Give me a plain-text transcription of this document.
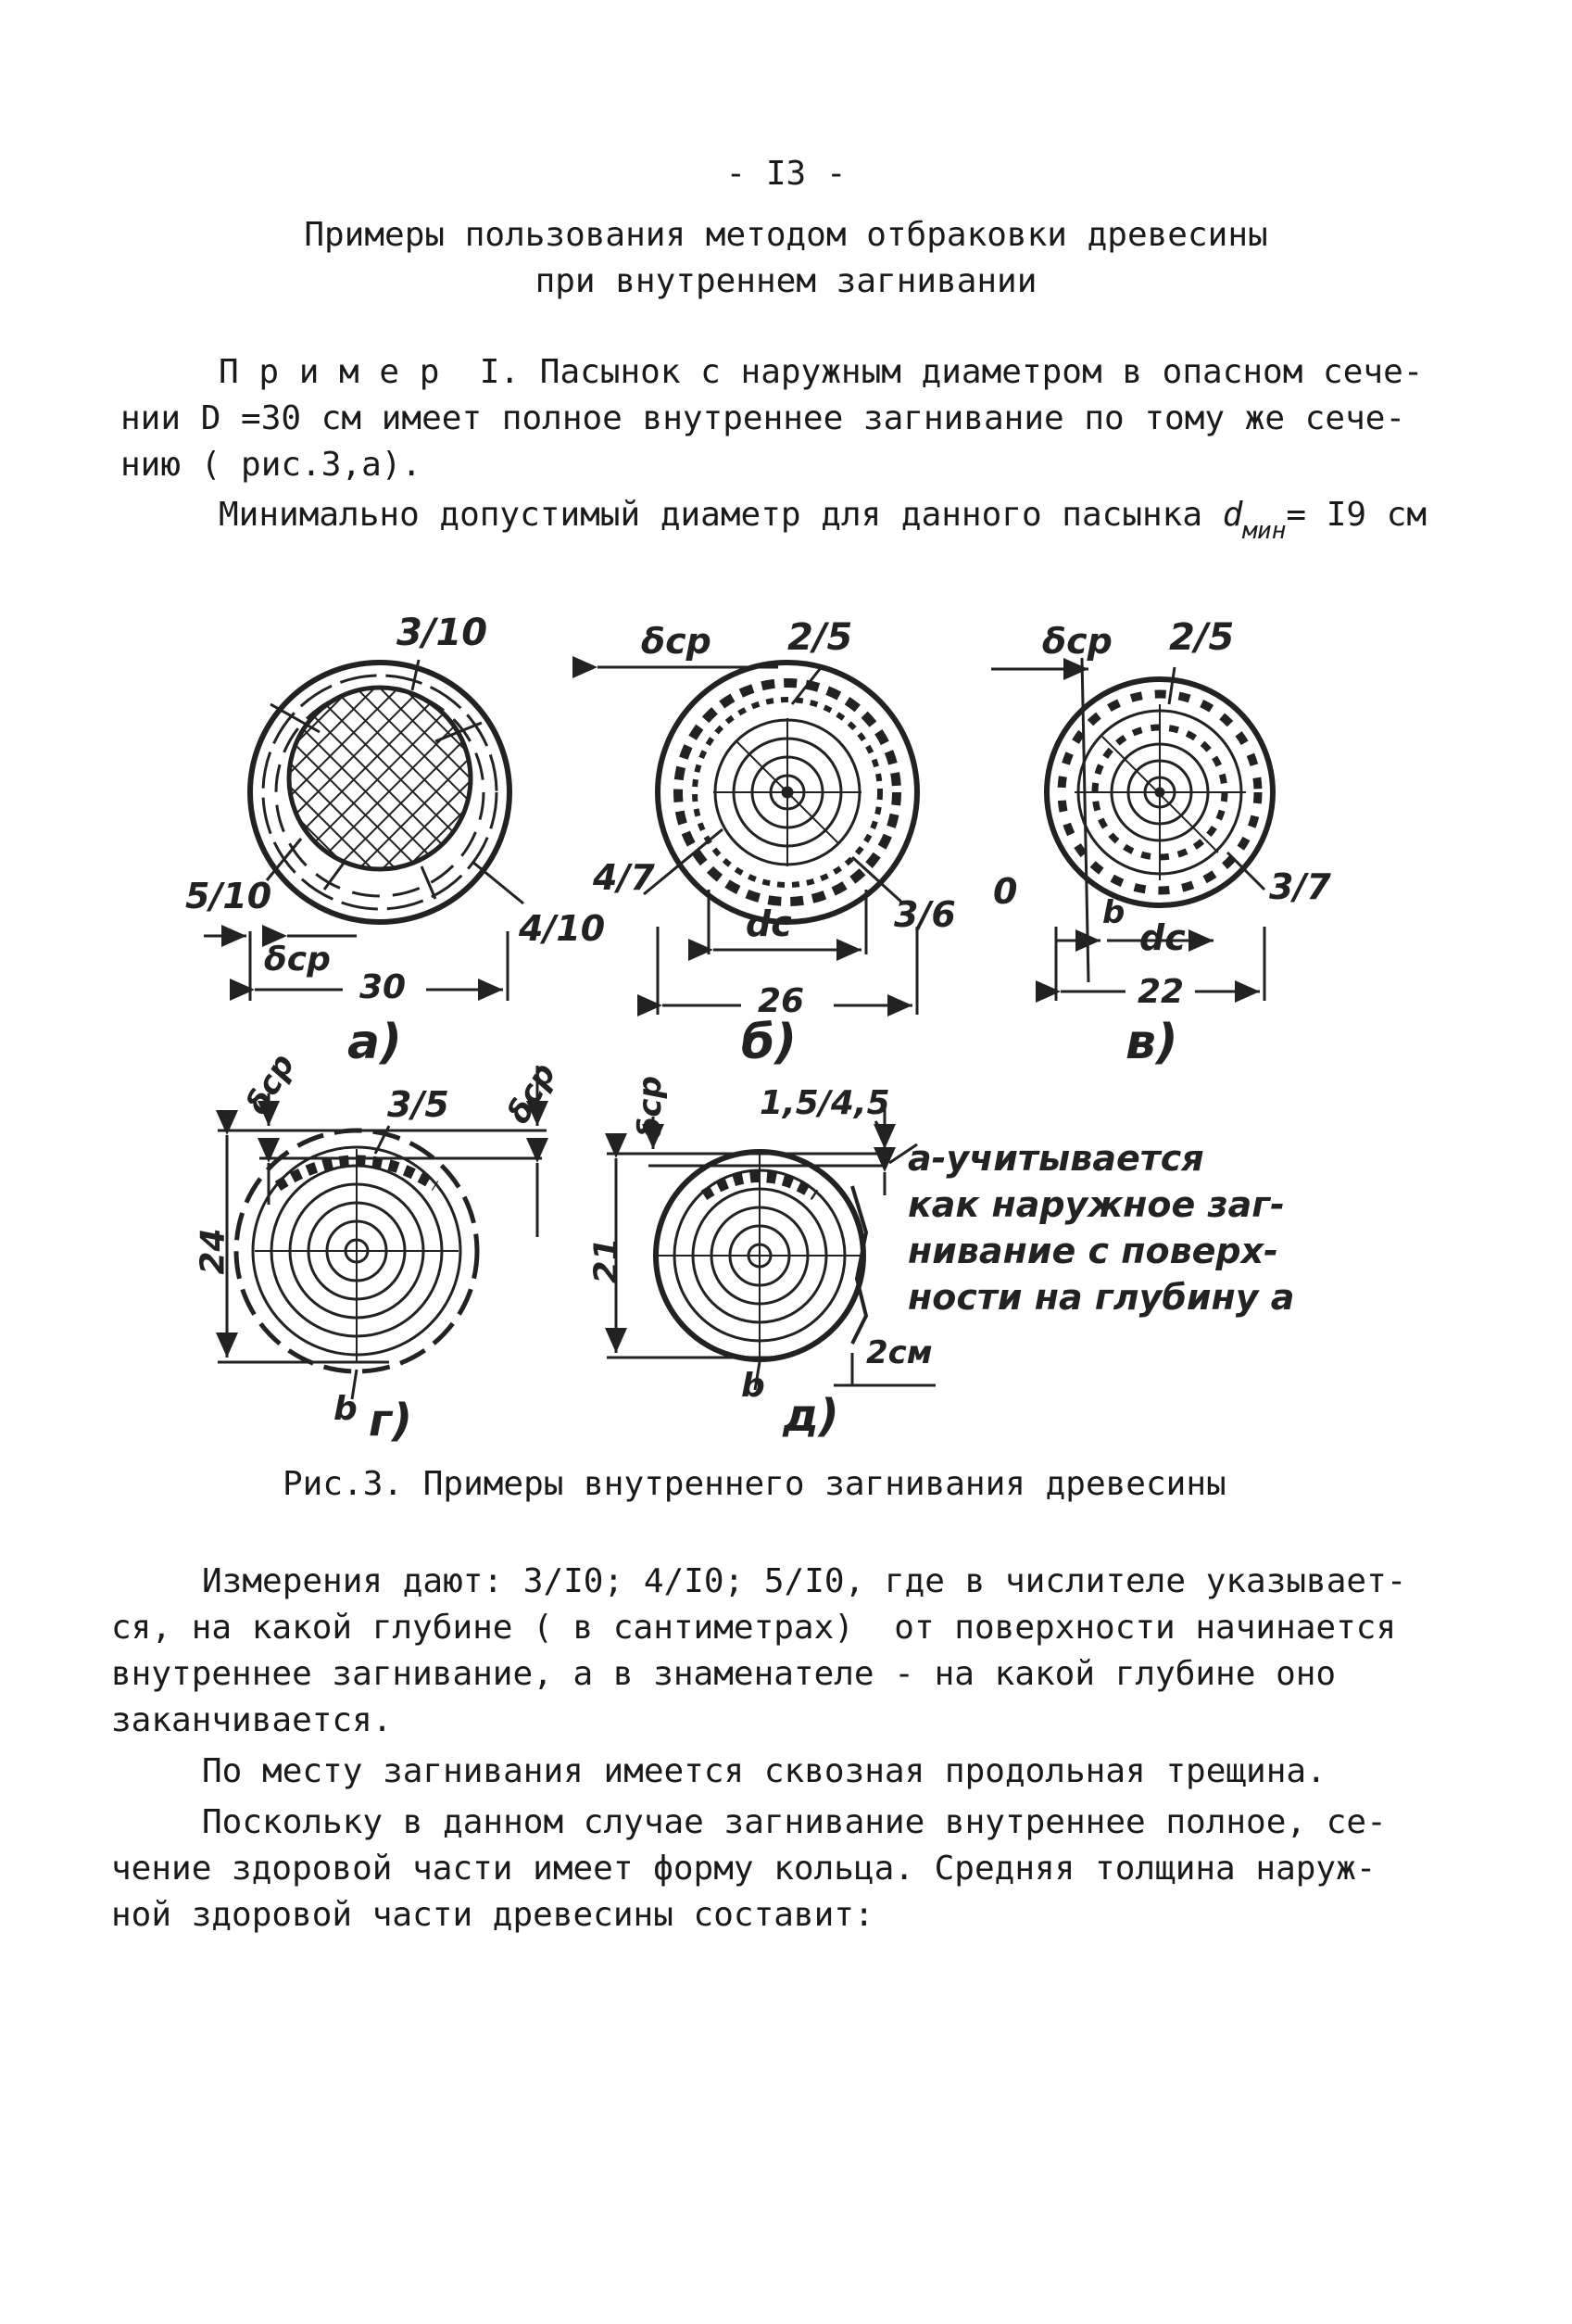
- I3 -
Примеры пользования методом отбраковки древесины
при внутреннем загнивании
П р и м е р  I. Пасынок с наружным диаметром в опасном сече-
нии D =30 см имеет полное внутреннее загнивание по тому же сече-
нию ( рис.3,а).
Минимально допустимый диаметр для данного пасынка $d_{мин}= I9$ см
3/10
5/10
4/10
δср
30
а)
δср 2/5
4/7
3/6
dc
26
б)
δср 2/5
3/7
0
b
dc
22
в)
δср 3/5 δср
24
b г)
δср	1,5/4,5
21
2см
b
д)
а-учитывается
как наружное заг-
нивание с поверх-
ности на глубину а
Рис.3. Примеры внутреннего загнивания древесины
Измерения дают: 3/I0; 4/I0; 5/I0, где в числителе указывает-
ся, на какой глубине ( в сантиметрах)  от поверхности начинается
внутреннее загнивание, а в знаменателе - на какой глубине оно
заканчивается.
По месту загнивания имеется сквозная продольная трещина.
Поскольку в данном случае загнивание внутреннее полное, се-
чение здоровой части имеет форму кольца. Средняя толщина наруж-
ной здоровой части древесины составит:
